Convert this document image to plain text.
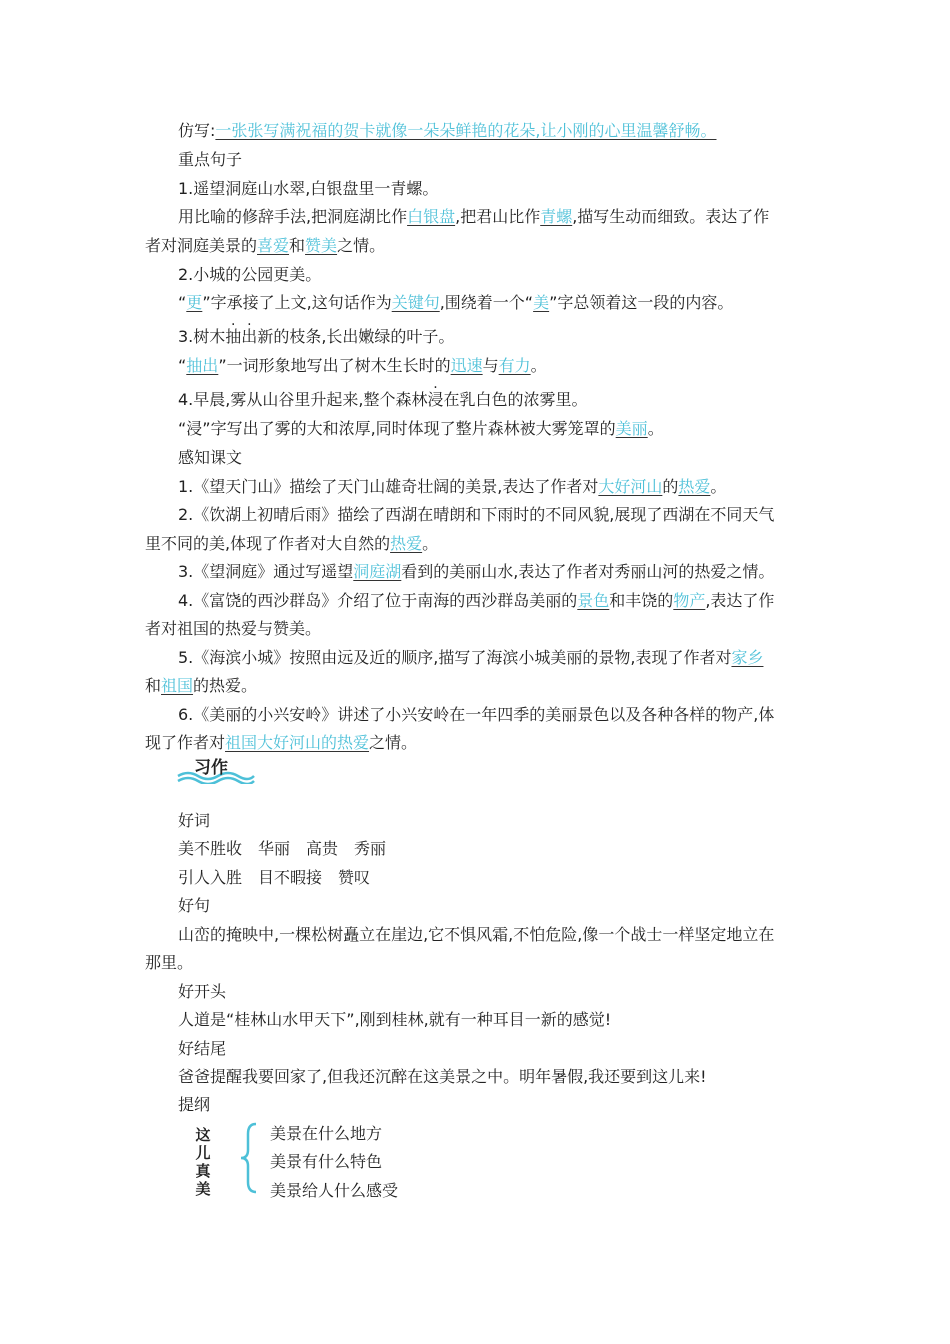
仿写:一张张写满祝福的贺卡就像一朵朵鲜艳的花朵,让小刚的心里温馨舒畅。
重点句子
1.遥望洞庭山水翠,白银盘里一青螺。
用比喻的修辞手法,把洞庭湖比作白银盘,把君山比作青螺,描写生动而细致。表达了作
者对洞庭美景的喜爱和赞美之情。
2.小城的公园更美。
“更”字承接了上文,这句话作为关键句,围绕着一个“美”字总领着这一段的内容。
3.树木抽出新的枝条,长出嫩绿的叶子。
“抽出”一词形象地写出了树木生长时的迅速与有力。
4.早晨,雾从山谷里升起来,整个森林浸在乳白色的浓雾里。
“浸”字写出了雾的大和浓厚,同时体现了整片森林被大雾笼罩的美丽。
感知课文
1.《望天门山》描绘了天门山雄奇壮阔的美景,表达了作者对大好河山的热爱。
2.《饮湖上初晴后雨》描绘了西湖在晴朗和下雨时的不同风貌,展现了西湖在不同天气
里不同的美,体现了作者对大自然的热爱。
3.《望洞庭》通过写遥望洞庭湖看到的美丽山水,表达了作者对秀丽山河的热爱之情。
4.《富饶的西沙群岛》介绍了位于南海的西沙群岛美丽的景色和丰饶的物产,表达了作
者对祖国的热爱与赞美。
5.《海滨小城》按照由远及近的顺序,描写了海滨小城美丽的景物,表现了作者对家乡
和祖国的热爱。
6.《美丽的小兴安岭》讲述了小兴安岭在一年四季的美丽景色以及各种各样的物产,体
现了作者对祖国大好河山的热爱之情。
习作
好词
美不胜收　华丽　高贵　秀丽
引人入胜　目不暇接　赞叹
好句
山峦的掩映中,一棵松树矗立在崖边,它不惧风霜,不怕危险,像一个战士一样坚定地立在
那里。
好开头
人道是“桂林山水甲天下”,刚到桂林,就有一种耳目一新的感觉!
好结尾
爸爸提醒我要回家了,但我还沉醉在这美景之中。明年暑假,我还要到这儿来!
提纲
这
儿
真
美
美景在什么地方
美景有什么特色
美景给人什么感受
